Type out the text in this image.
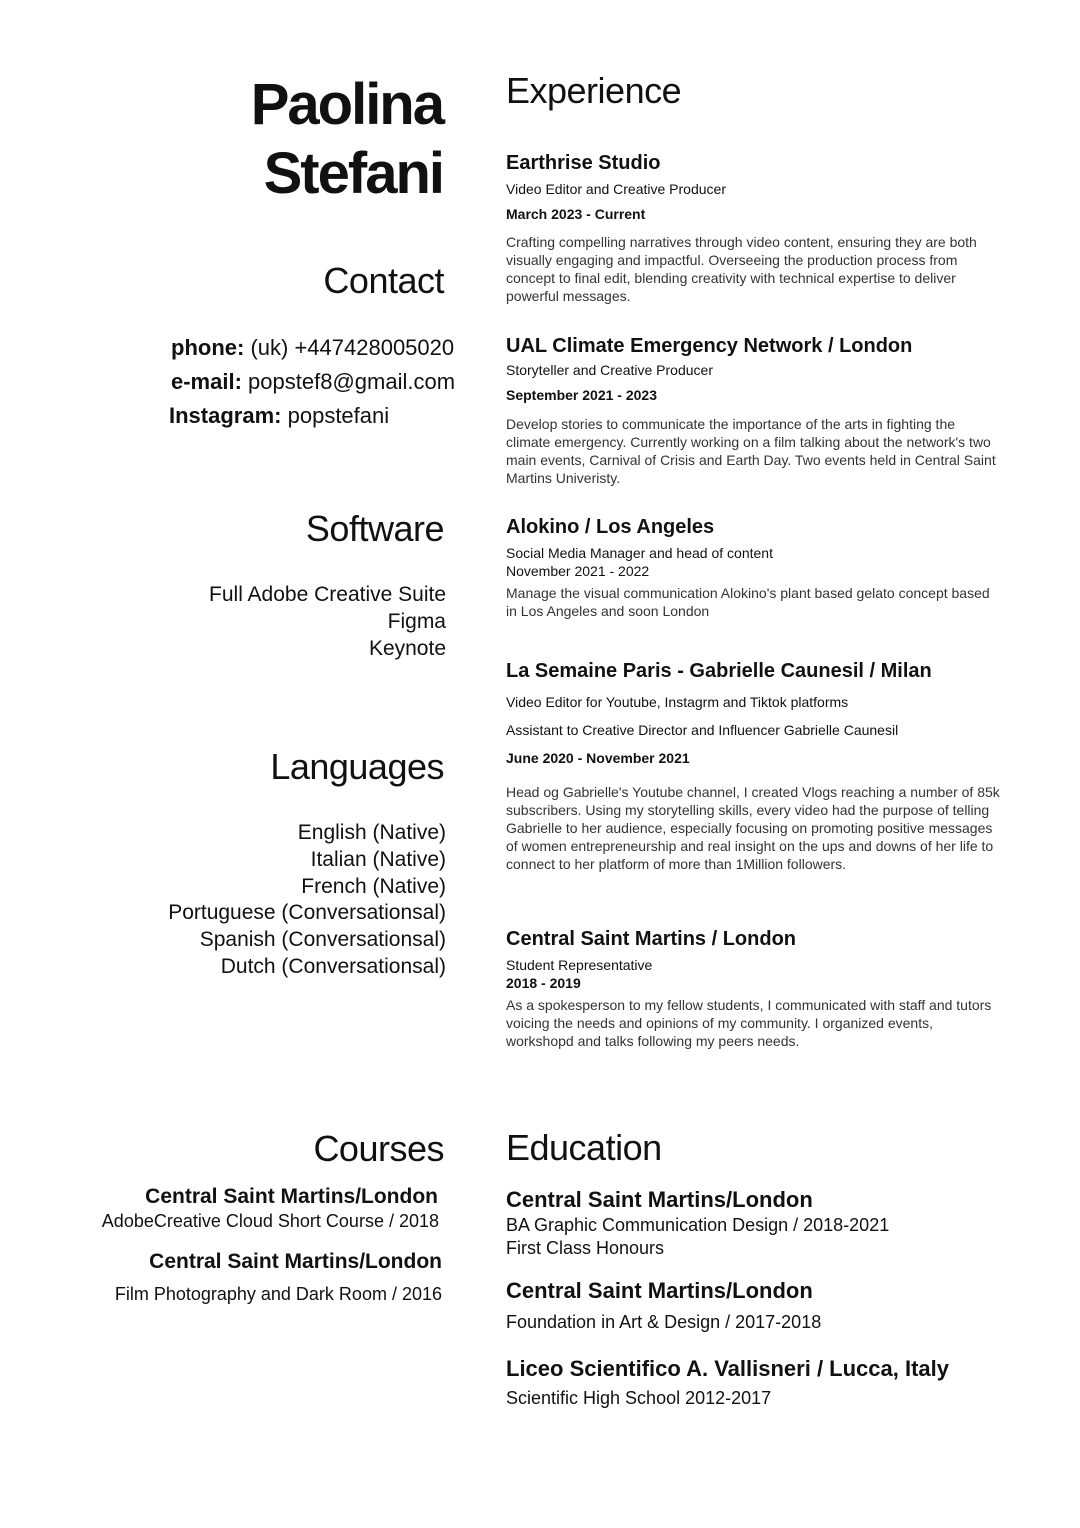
Paolina
Stefani
Contact
phone: (uk) +447428005020
e-mail: popstef8@gmail.com
Instagram: popstefani
Software
Full Adobe Creative Suite
Figma
Keynote
Languages
English (Native)
Italian (Native)
French (Native)
Portuguese (Conversationsal)
Spanish (Conversationsal)
Dutch (Conversationsal)
Courses
Central Saint Martins/London
AdobeCreative Cloud Short Course / 2018
Central Saint Martins/London
Film Photography and Dark Room / 2016
Experience
Earthrise Studio
Video Editor and Creative Producer
March 2023 - Current
Crafting compelling narratives through video content, ensuring they are both visually engaging and impactful. Overseeing the production process from concept to final edit, blending creativity with technical expertise to deliver powerful messages.
UAL Climate Emergency Network / London
Storyteller and Creative Producer
September 2021 - 2023
Develop stories to communicate the importance of the arts in fighting the climate emergency. Currently working on a film talking about the network's two main events, Carnival of Crisis and Earth Day. Two events held in Central Saint Martins Univeristy.
Alokino / Los Angeles
Social Media Manager and head of content
November 2021 - 2022
Manage the visual communication Alokino's plant based gelato concept based in Los Angeles and soon London
La Semaine Paris - Gabrielle Caunesil / Milan
Video Editor for Youtube, Instagrm and Tiktok platforms
Assistant to Creative Director and Influencer Gabrielle Caunesil
June 2020 - November 2021
Head og Gabrielle's Youtube channel, I created Vlogs reaching a number of 85k subscribers. Using my storytelling skills, every video had the purpose of telling Gabrielle to her audience, especially focusing on promoting positive messages of women entrepreneurship and real insight on the ups and downs of her life to connect to her platform of more than 1Million followers.
Central Saint Martins / London
Student Representative
2018 - 2019
As a spokesperson to my fellow students, I communicated with staff and tutors voicing the needs and opinions of my community. I organized events, workshopd and talks following my peers needs.
Education
Central Saint Martins/London
BA Graphic Communication Design / 2018-2021
First Class Honours
Central Saint Martins/London
Foundation in Art & Design / 2017-2018
Liceo Scientifico A. Vallisneri / Lucca, Italy
Scientific High School 2012-2017
